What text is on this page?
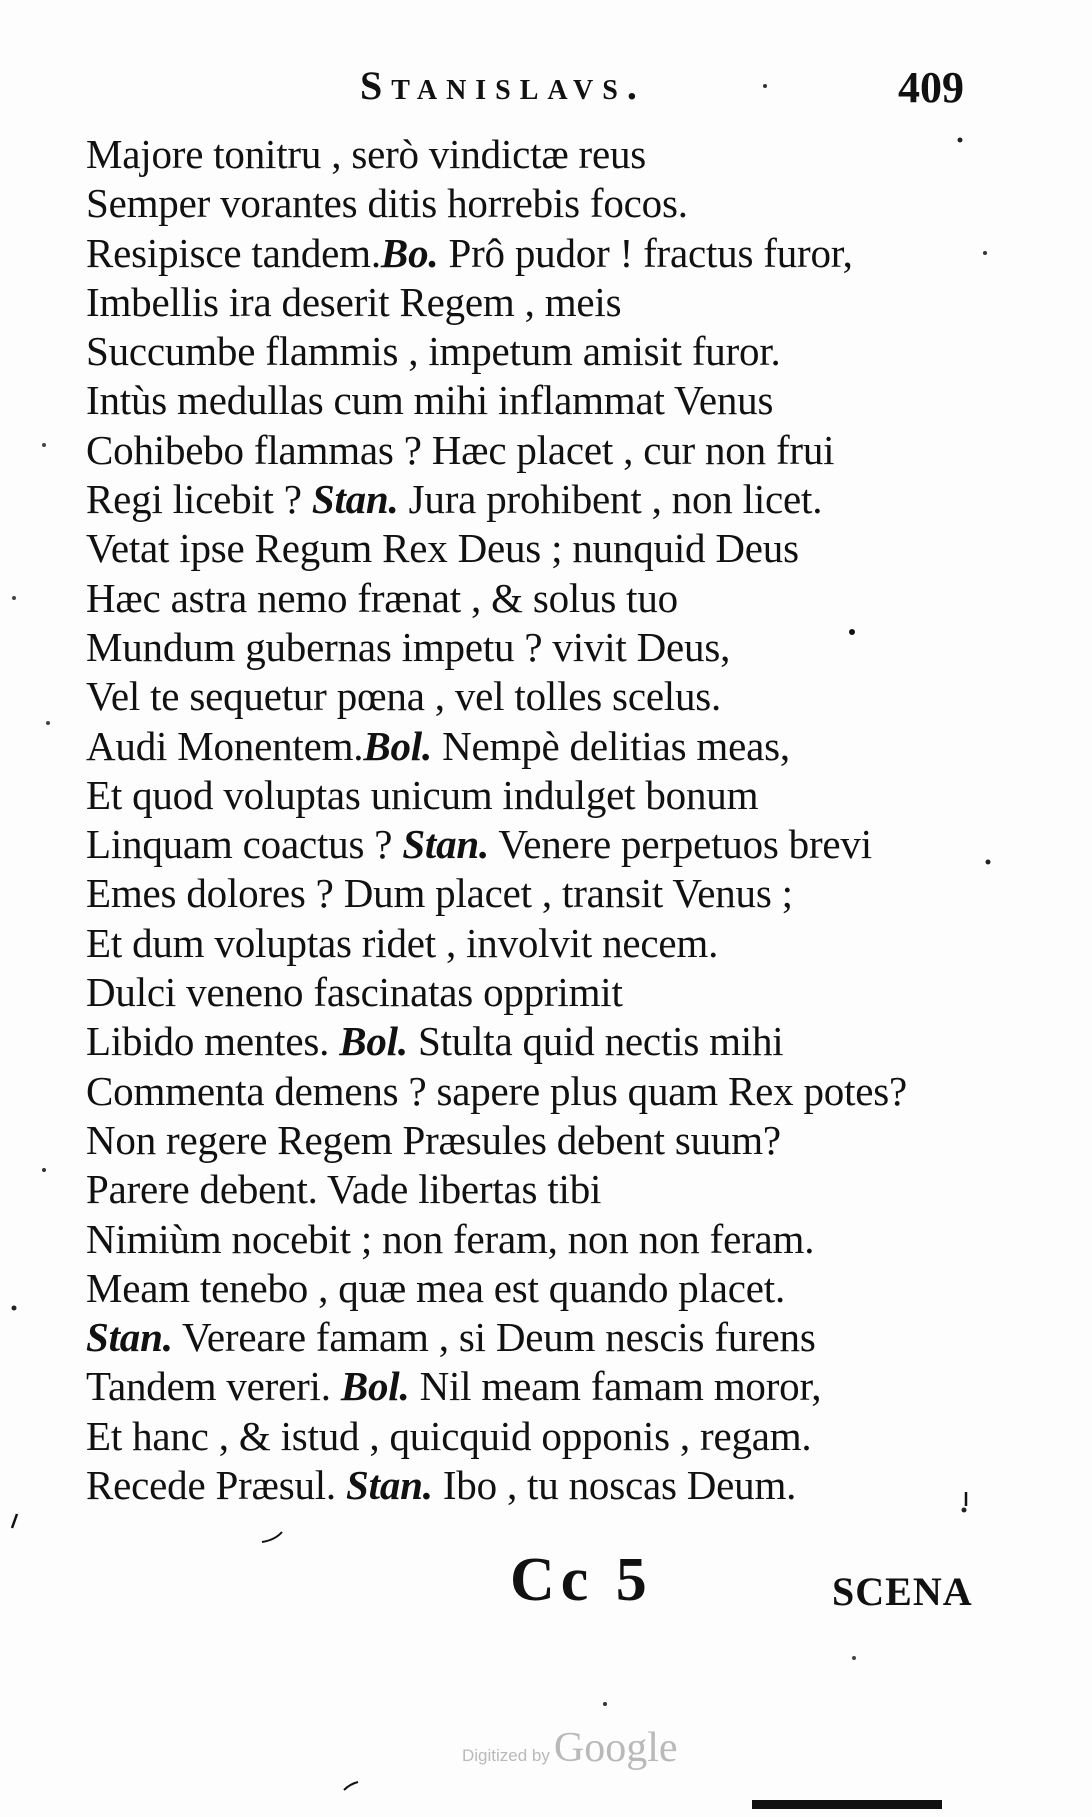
Stanislavs.	409
Majore tonitru , serò vindictæ reus
Semper vorantes ditis horrebis focos.
Resipisce tandem.Bo. Prô pudor ! fractus furor,
Imbellis ira deserit Regem , meis
Succumbe flammis , impetum amisit furor.
Intùs medullas cum mihi inflammat Venus
Cohibebo flammas ? Hæc placet , cur non frui
Regi licebit ? Stan. Jura prohibent , non licet.
Vetat ipse Regum Rex Deus ; nunquid Deus
Hæc astra nemo frænat , & solus tuo
Mundum gubernas impetu ? vivit Deus,
Vel te sequetur pœna , vel tolles scelus.
Audi Monentem.Bol. Nempè delitias meas,
Et quod voluptas unicum indulget bonum
Linquam coactus ? Stan. Venere perpetuos brevi
Emes dolores ? Dum placet , transit Venus ;
Et dum voluptas ridet , involvit necem.
Dulci veneno fascinatas opprimit
Libido mentes. Bol. Stulta quid nectis mihi
Commenta demens ? sapere plus quam Rex potes?
Non regere Regem Præsules debent suum?
Parere debent. Vade libertas tibi
Nimiùm nocebit ; non feram, non non feram.
Meam tenebo , quæ mea est quando placet.
Stan. Vereare famam , si Deum nescis furens
Tandem vereri. Bol. Nil meam famam moror,
Et hanc , & istud , quicquid opponis , regam.
Recede Præsul. Stan. Ibo , tu noscas Deum.
Cc 5	SCENA
Digitized by Google
